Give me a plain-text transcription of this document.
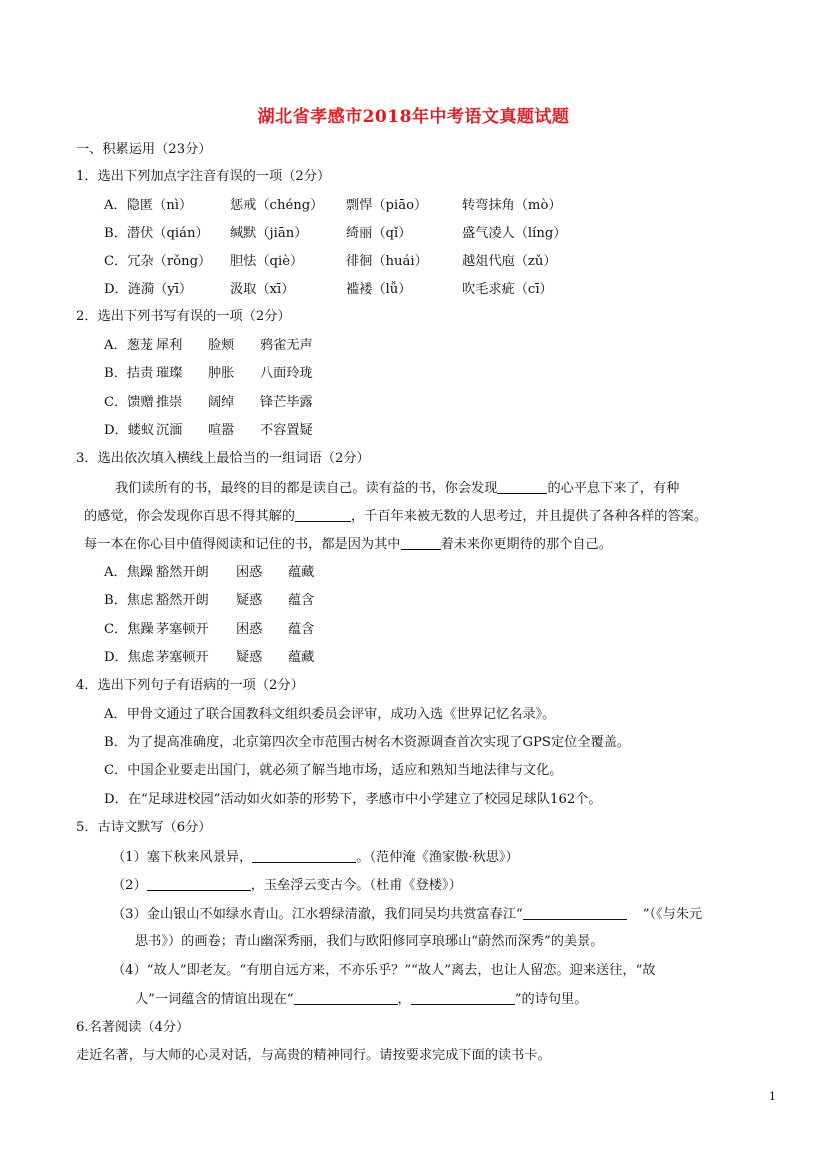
湖北省孝感市2018年中考语文真题试题
一、积累运用（23分）
1．选出下列加点字注音有误的一项（2分）
A．隐匿（nì）	惩戒（chéng） 剽悍（piāo）	转弯抹角（mò）
B．潜伏（qián） 缄默（jiān）	绮丽（qǐ）	盛气凌人（líng）
C．冗杂（rǒng） 胆怯（qiè）	徘徊（huái）	越俎代庖（zǔ）
D．涟漪（yī）	汲取（xī）	褴褛（lǚ）	吹毛求疵（cī）
2．选出下列书写有误的一项（2分）
A．葱茏 犀利 脸颊 鸦雀无声
B．拮责 璀璨 肿胀 八面玲珑
C．馈赠 推崇 阔绰 锋芒毕露
D．蝼蚁 沉湎 喧嚣 不容置疑
3．选出依次填入横线上最恰当的一组词语（2分）
我们读所有的书，最终的目的都是读自己。读有益的书，你会发现	的心平息下来了，有种
的感觉，你会发现你百思不得其解的	，千百年来被无数的人思考过，并且提供了各种各样的答案。
每一本在你心目中值得阅读和记住的书，都是因为其中	着未来你更期待的那个自己。
A．焦躁 豁然开朗 困惑 蕴藏
B．焦虑 豁然开朗 疑惑 蕴含
C．焦躁 茅塞顿开 困惑 蕴含
D．焦虑 茅塞顿开 疑惑 蕴藏
4．选出下列句子有语病的一项（2分）
A．甲骨文通过了联合国教科文组织委员会评审，成功入选《世界记忆名录》。
B．为了提高准确度，北京第四次全市范围古树名木资源调查首次实现了GPS定位全覆盖。
C．中国企业要走出国门，就必须了解当地市场，适应和熟知当地法律与文化。
D．在“足球进校园”活动如火如荼的形势下，孝感市中小学建立了校园足球队162个。
5．古诗文默写（6分）
（1）塞下秋来风景异，	。（范仲淹《渔家傲·秋思》）
（2）	，玉垒浮云变古今。（杜甫《登楼》）
（3）金山银山不如绿水青山。江水碧绿清澈，我们同吴均共赏富春江“	”（《与朱元
思书》）的画卷；青山幽深秀丽，我们与欧阳修同享琅琊山“蔚然而深秀”的美景。
（4）“故人”即老友。“有朋自远方来，不亦乐乎？”“故人”离去，也让人留恋。迎来送往，“故
人”一词蕴含的情谊出现在“	，	”的诗句里。
6.名著阅读（4分）
走近名著，与大师的心灵对话，与高贵的精神同行。请按要求完成下面的读书卡。
1
